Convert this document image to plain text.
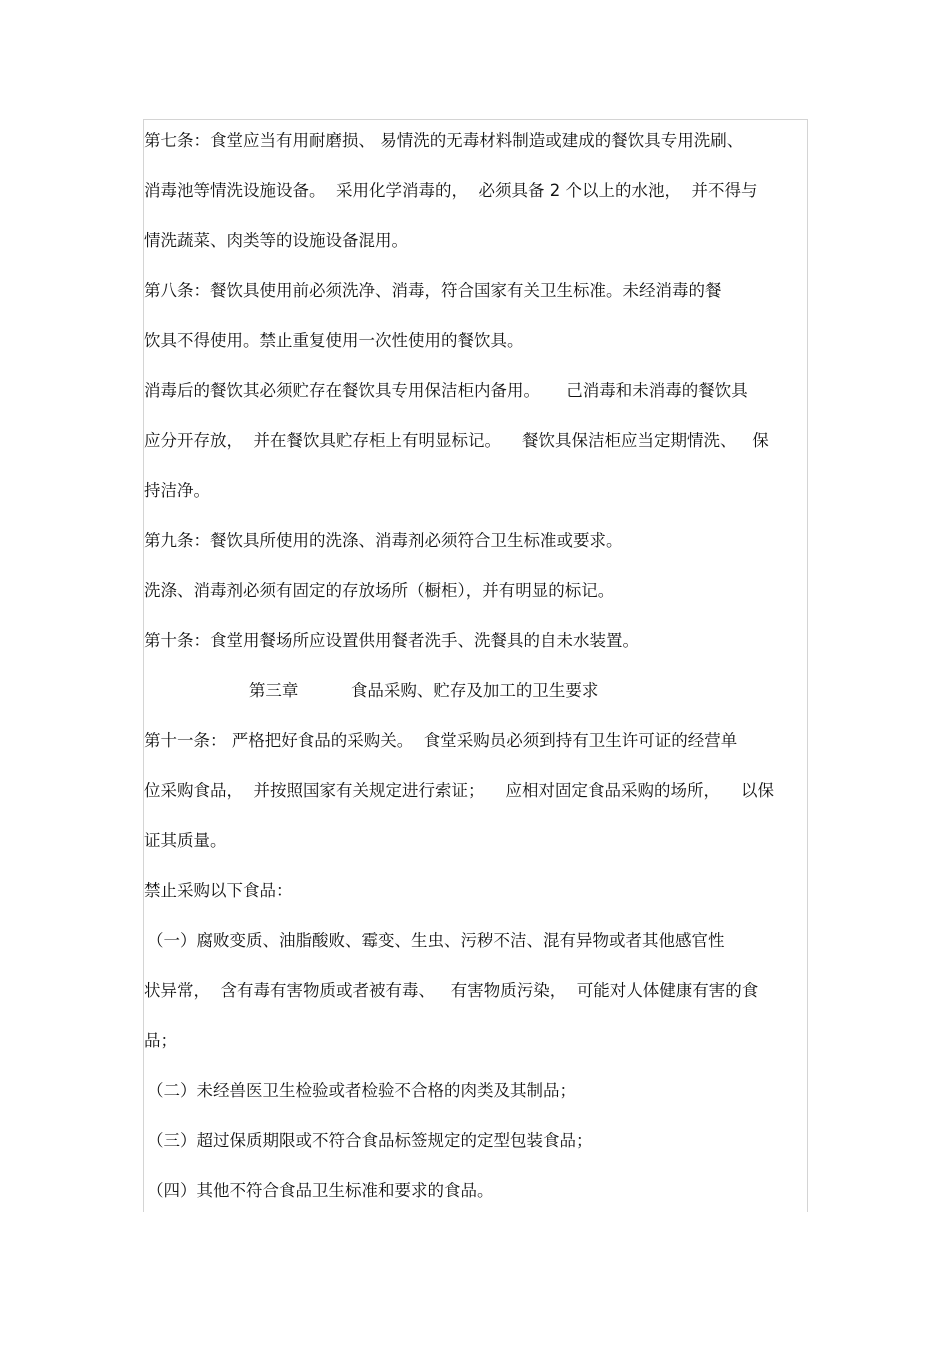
第七条：食堂应当有用耐磨损、 易情洗的无毒材料制造或建成的餐饮具专用洗刷、
消毒池等情洗设施设备。  采用化学消毒的，  必须具备 2 个以上的水池，  并不得与
情洗蔬菜、肉类等的设施设备混用。
第八条：餐饮具使用前必须洗净、消毒，符合国家有关卫生标准。未经消毒的餐
饮具不得使用。禁止重复使用一次性使用的餐饮具。
消毒后的餐饮其必须贮存在餐饮具专用保洁柜内备用。     己消毒和未消毒的餐饮具
应分开存放，  并在餐饮具贮存柜上有明显标记。    餐饮具保洁柜应当定期情洗、   保
持洁净。
第九条：餐饮具所使用的洗涤、消毒剂必须符合卫生标准或要求。
洗涤、消毒剂必须有固定的存放场所（橱柜），并有明显的标记。
第十条：食堂用餐场所应设置供用餐者洗手、洗餐具的自未水装置。
第三章          食品采购、贮存及加工的卫生要求
第十一条： 严格把好食品的采购关。  食堂采购员必须到持有卫生许可证的经营单
位采购食品，  并按照国家有关规定进行索证；    应相对固定食品采购的场所，    以保
证其质量。
禁止采购以下食品：
（一）腐败变质、油脂酸败、霉变、生虫、污秽不洁、混有异物或者其他感官性
状异常，  含有毒有害物质或者被有毒、   有害物质污染，  可能对人体健康有害的食
品；
（二）未经兽医卫生检验或者检验不合格的肉类及其制品；
（三）超过保质期限或不符合食品标签规定的定型包装食品；
（四）其他不符合食品卫生标准和要求的食品。
